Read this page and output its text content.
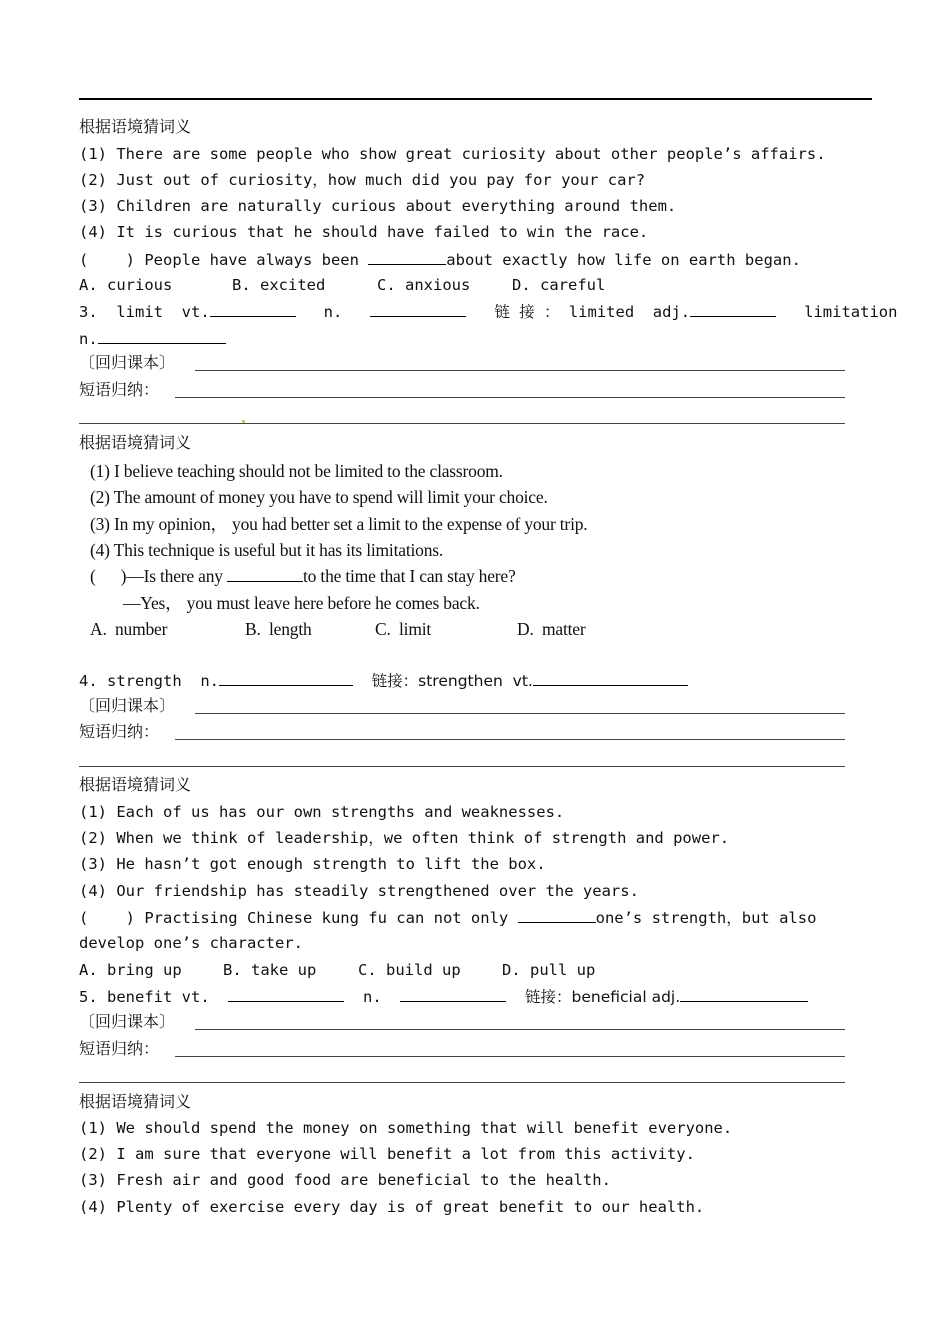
根据语境猜词义
(1) There are some people who show great curiosity about other people’s affairs.
(2) Just out of curiosity，how much did you pay for your car?
(3) Children are naturally curious about everything around them.
(4) It is curious that he should have failed to win the race.
(    ) People have always been	about exactly how life on earth began.
A. curious	B. excited	C. anxious	D. careful
3.  limit  vt.	n.	链 接 ： limited  adj.	limitation
n.
〔回归课本〕
短语归纳：
根据语境猜词义
(1) I believe teaching should not be limited to the classroom.
(2) The amount of money you have to spend will limit your choice.
(3) In my opinion， you had better set a limit to the expense of your trip.
(4) This technique is useful but it has its limitations.
(      )—Is there any	to the time that I can stay here?
—Yes， you must leave here before he comes back.
A.  number	B.  length	C.  limit	D.  matter
4. strength  n.	链接：strengthen  vt.
〔回归课本〕
短语归纳：
根据语境猜词义
(1) Each of us has our own strengths and weaknesses.
(2) When we think of leadership，we often think of strength and power.
(3) He hasn’t got enough strength to lift the box.
(4) Our friendship has steadily strengthened over the years.
(    ) Practising Chinese kung fu can not only	one’s strength，but also
develop one’s character.
A. bring up	B. take up	C. build up	D. pull up
5. benefit vt.	n.	链接：beneficial adj.
〔回归课本〕
短语归纳：
根据语境猜词义
(1) We should spend the money on something that will benefit everyone.
(2) I am sure that everyone will benefit a lot from this activity.
(3) Fresh air and good food are beneficial to the health.
(4) Plenty of exercise every day is of great benefit to our health.
